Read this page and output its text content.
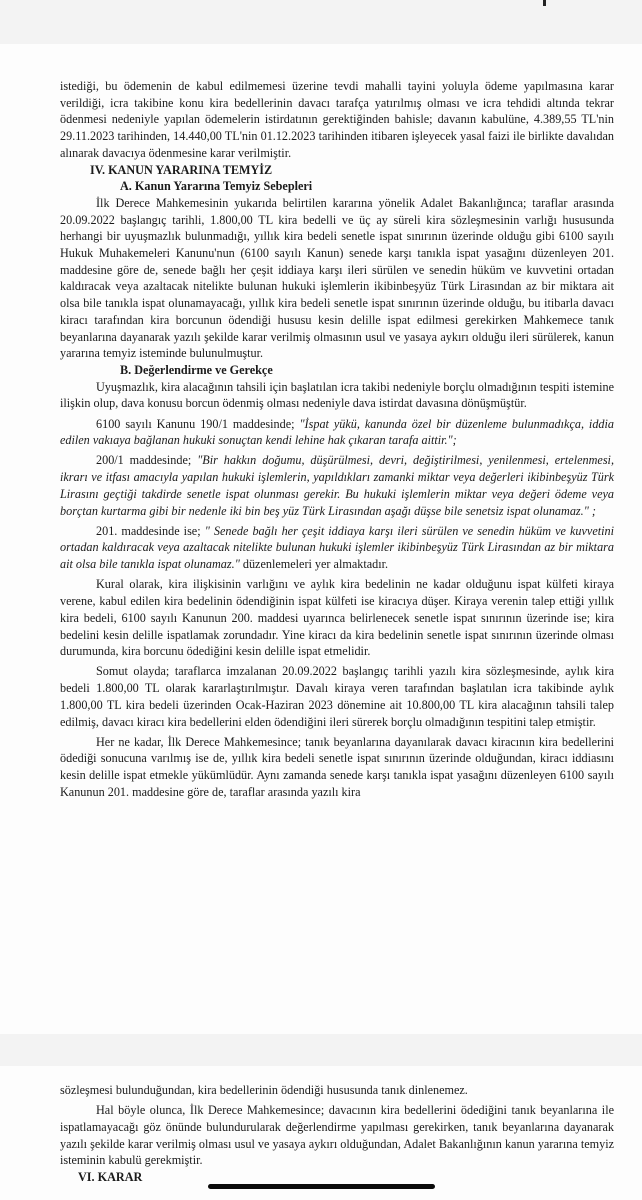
istediği, bu ödemenin de kabul edilmemesi üzerine tevdi mahalli tayini yoluyla ödeme yapılmasına karar verildiği, icra takibine konu kira bedellerinin davacı tarafça yatırılmış olması ve icra tehdidi altında tekrar ödenmesi nedeniyle yapılan ödemelerin istirdatının gerektiğinden bahisle; davanın kabulüne, 4.389,55 TL'nin 29.11.2023 tarihinden, 14.440,00 TL'nin 01.12.2023 tarihinden itibaren işleyecek yasal faizi ile birlikte davalıdan alınarak davacıya ödenmesine karar verilmiştir.

IV. KANUN YARARINA TEMYİZ

A. Kanun Yararına Temyiz Sebepleri

İlk Derece Mahkemesinin yukarıda belirtilen kararına yönelik Adalet Bakanlığınca; taraflar arasında 20.09.2022 başlangıç tarihli, 1.800,00 TL kira bedelli ve üç ay süreli kira sözleşmesinin varlığı hususunda herhangi bir uyuşmazlık bulunmadığı, yıllık kira bedeli senetle ispat sınırının üzerinde olduğu gibi 6100 sayılı Hukuk Muhakemeleri Kanunu'nun (6100 sayılı Kanun) senede karşı tanıkla ispat yasağını düzenleyen 201. maddesine göre de, senede bağlı her çeşit iddiaya karşı ileri sürülen ve senedin hüküm ve kuvvetini ortadan kaldıracak veya azaltacak nitelikte bulunan hukuki işlemlerin ikibinbeşyüz Türk Lirasından az bir miktara ait olsa bile tanıkla ispat olunamayacağı, yıllık kira bedeli senetle ispat sınırının üzerinde olduğu, bu itibarla davacı kiracı tarafından kira borcunun ödendiği hususu kesin delille ispat edilmesi gerekirken Mahkemece tanık beyanlarına dayanarak yazılı şekilde karar verilmiş olmasının usul ve yasaya aykırı olduğu ileri sürülerek, kanun yararına temyiz isteminde bulunulmuştur.

B. Değerlendirme ve Gerekçe

Uyuşmazlık, kira alacağının tahsili için başlatılan icra takibi nedeniyle borçlu olmadığının tespiti istemine ilişkin olup, dava konusu borcun ödenmiş olması nedeniyle dava istirdat davasına dönüşmüştür.

6100 sayılı Kanunu 190/1 maddesinde; "İspat yükü, kanunda özel bir düzenleme bulunmadıkça, iddia edilen vakıaya bağlanan hukuki sonuçtan kendi lehine hak çıkaran tarafa aittir.";

200/1 maddesinde; "Bir hakkın doğumu, düşürülmesi, devri, değiştirilmesi, yenilenmesi, ertelenmesi, ikrarı ve itfası amacıyla yapılan hukuki işlemlerin, yapıldıkları zamanki miktar veya değerleri ikibinbeşyüz Türk Lirasını geçtiği takdirde senetle ispat olunması gerekir. Bu hukuki işlemlerin miktar veya değeri ödeme veya borçtan kurtarma gibi bir nedenle iki bin beş yüz Türk Lirasından aşağı düşse bile senetsiz ispat olunamaz." ;

201. maddesinde ise; " Senede bağlı her çeşit iddiaya karşı ileri sürülen ve senedin hüküm ve kuvvetini ortadan kaldıracak veya azaltacak nitelikte bulunan hukuki işlemler ikibinbeşyüz Türk Lirasından az bir miktara ait olsa bile tanıkla ispat olunamaz." düzenlemeleri yer almaktadır.

Kural olarak, kira ilişkisinin varlığını ve aylık kira bedelinin ne kadar olduğunu ispat külfeti kiraya verene, kabul edilen kira bedelinin ödendiğinin ispat külfeti ise kiracıya düşer. Kiraya verenin talep ettiği yıllık kira bedeli, 6100 sayılı Kanunun 200. maddesi uyarınca belirlenecek senetle ispat sınırının üzerinde ise; kira bedelini kesin delille ispatlamak zorundadır. Yine kiracı da kira bedelinin senetle ispat sınırının üzerinde olması durumunda, kira borcunu ödediğini kesin delille ispat etmelidir.

Somut olayda; taraflarca imzalanan 20.09.2022 başlangıç tarihli yazılı kira sözleşmesinde, aylık kira bedeli 1.800,00 TL olarak kararlaştırılmıştır. Davalı kiraya veren tarafından başlatılan icra takibinde aylık 1.800,00 TL kira bedeli üzerinden Ocak-Haziran 2023 dönemine ait 10.800,00 TL kira alacağının tahsili talep edilmiş, davacı kiracı kira bedellerini elden ödendiğini ileri sürerek borçlu olmadığının tespitini talep etmiştir.

Her ne kadar, İlk Derece Mahkemesince; tanık beyanlarına dayanılarak davacı kiracının kira bedellerini ödediği sonucuna varılmış ise de, yıllık kira bedeli senetle ispat sınırının üzerinde olduğundan, kiracı iddiasını kesin delille ispat etmekle yükümlüdür. Aynı zamanda senede karşı tanıkla ispat yasağını düzenleyen 6100 sayılı Kanunun 201. maddesine göre de, taraflar arasında yazılı kira

sözleşmesi bulunduğundan, kira bedellerinin ödendiği hususunda tanık dinlenemez.

Hal böyle olunca, İlk Derece Mahkemesince; davacının kira bedellerini ödediğini tanık beyanlarına ile ispatlamayacağı göz önünde bulundurularak değerlendirme yapılması gerekirken, tanık beyanlarına dayanarak yazılı şekilde karar verilmiş olması usul ve yasaya aykırı olduğundan, Adalet Bakanlığının kanun yararına temyiz isteminin kabulü gerekmiştir.

VI. KARAR
